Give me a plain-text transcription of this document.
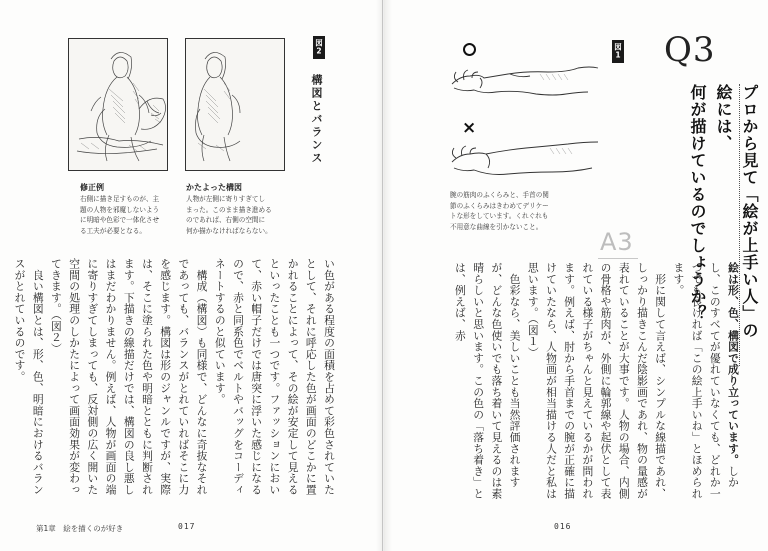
図2
構図とバランス
修正例
右側に描き足すものが、主
題の人物を邪魔しないよう
に明暗や色彩で一体化させ
る工夫が必要となる。
かたよった構図
人物が左側に寄りすぎてし
まった。このまま描き進める
のであれば、右側の空間に
何か描かなければならない。
い色がある程度の面積を占めて彩色されていたとして、それに呼応した色が画面のどこかに置かれることによって、その絵が安定して見えるといったことも一つです。ファッションにおいて、赤い帽子だけでは唐突に浮いた感じになるので、赤と同系色でベルトやバッグをコーディネートするのと似ています。
　構成（構図）も同様で、どんなに奇抜なそれであっても、バランスがとれていればそこに力を感じます。構図は形のジャンルですが、実際は、そこに塗られた色や明暗とともに判断されます。下描きの線描だけでは、構図の良し悪しはまだわかりません。例えば、人物が画面の端に寄りすぎてしまっても、反対側の広く開いた空間の処理のしかたによって画面効果が変わってきます。（図２）
　良い構図とは、形、色、明暗におけるバランスがとれているのです。
第1章　絵を描くのが好き	017
×
図1
腕の筋肉のふくらみと、手首の関
節のふくらみはきわめてデリケー
トな形をしています。くれぐれも
不用意な曲線を引かないこと。
Q3
プロから見て「絵が上手い人」の絵には、
何が描けているのでしょうか？
A3
絵は形、色、構図で成り立っています。しかし、このすべてが優れていなくても、どれか一つでも良ければ「この絵上手いね」とほめられます。
　形に関して言えば、シンプルな線描であれ、しっかり描きこんだ陰影画であれ、物の量感が表れていることが大事です。人物の場合、内側の骨格や筋肉が、外側に輪郭線や起伏として表れている様子がちゃんと見えているかが問われます。例えば、肘から手首までの腕が正確に描けていたなら、人物画が相当描ける人だと私は思います。（図１）
　色彩なら、美しいことも当然評価されますが、どんな色使いでも落ち着いて見えるのは素晴らしいと思います。この色の「落ち着き」とは、例えば、赤
016
